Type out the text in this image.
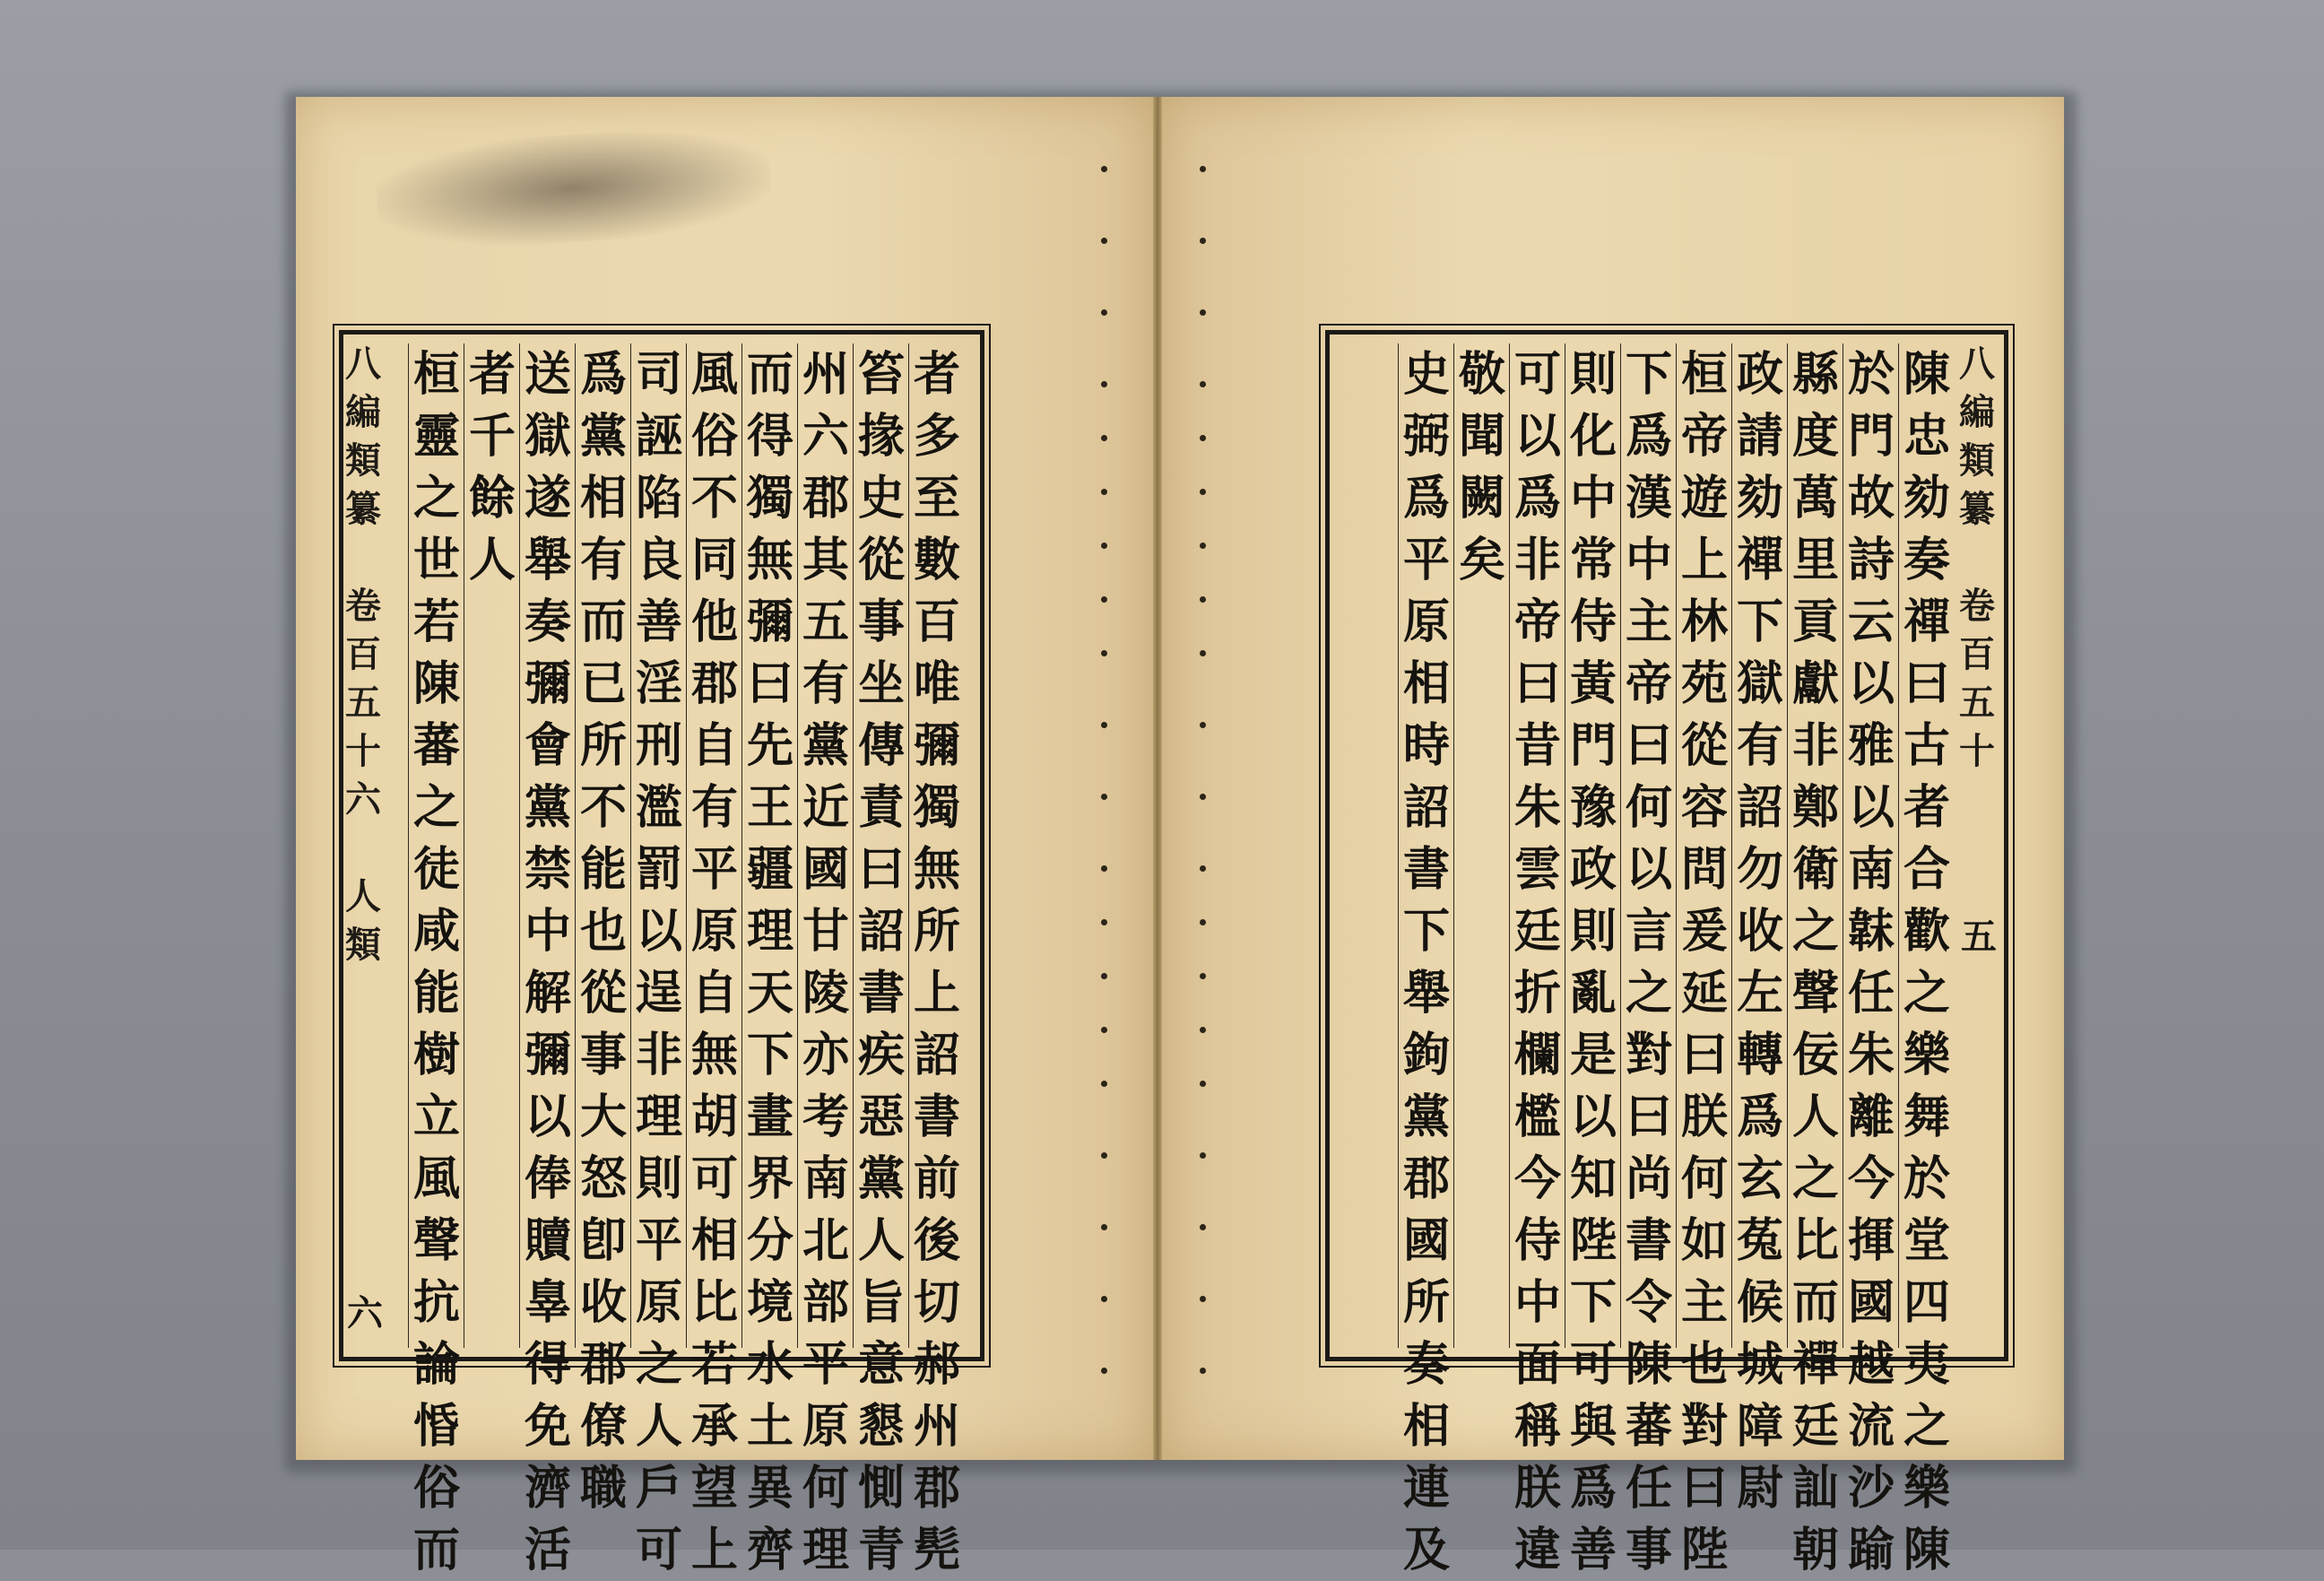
八
編
類
纂

卷
百
五
十
六

人
類
者
多
至
數
百
唯
彌
獨
無
所
上
詔
書
前
後
切
郝
州
郡
髡
笞
掾
史
從
事
坐
傳
責
曰
詔
書
疾
惡
黨
人
旨
意
懇
惻
青
州
六
郡
其
五
有
黨
近
國
甘
陵
亦
考
南
北
部
平
原
何
理
而
得
獨
無
彌
曰
先
王
疆
理
天
下
畫
界
分
境
水
土
異
齊
風
俗
不
同
他
郡
自
有
平
原
自
無
胡
可
相
比
若
承
望
上
司
誣
陷
良
善
淫
刑
濫
罰
以
逞
非
理
則
平
原
之
人
戶
可
爲
黨
相
有
而
已
所
不
能
也
從
事
大
怒
卽
收
郡
僚
職
送
獄
遂
舉
奏
彌
會
黨
禁
中
解
彌
以
俸
贖
辠
得
免
濟
活
者
千
餘
人
桓
靈
之
世
若
陳
蕃
之
徒
咸
能
樹
立
風
聲
抗
論
惛
俗
而
六
八
編
類
纂

卷
百
五
十
陳
忠
劾
奏
禪
曰
古
者
合
歡
之
樂
舞
於
堂
四
夷
之
樂
陳
於
門
故
詩
云
以
雅
以
南
韎
任
朱
離
今
揮
國
越
流
沙
踰
縣
度
萬
里
貢
獻
非
鄭
衛
之
聲
佞
人
之
比
而
禪
廷
訕
朝
政
請
劾
禪
下
獄
有
詔
勿
收
左
轉
爲
玄
菟
候
城
障
尉
桓
帝
遊
上
林
苑
從
容
問
爰
延
曰
朕
何
如
主
也
對
曰
陛
下
爲
漢
中
主
帝
曰
何
以
言
之
對
曰
尚
書
令
陳
蕃
任
事
則
化
中
常
侍
黃
門
豫
政
則
亂
是
以
知
陛
下
可
與
爲
善
可
以
爲
非
帝
曰
昔
朱
雲
廷
折
欄
檻
今
侍
中
面
稱
朕
違
敬
聞
闕
矣
史
弼
爲
平
原
相
時
詔
書
下
舉
鉤
黨
郡
國
所
奏
相
連
及
五
